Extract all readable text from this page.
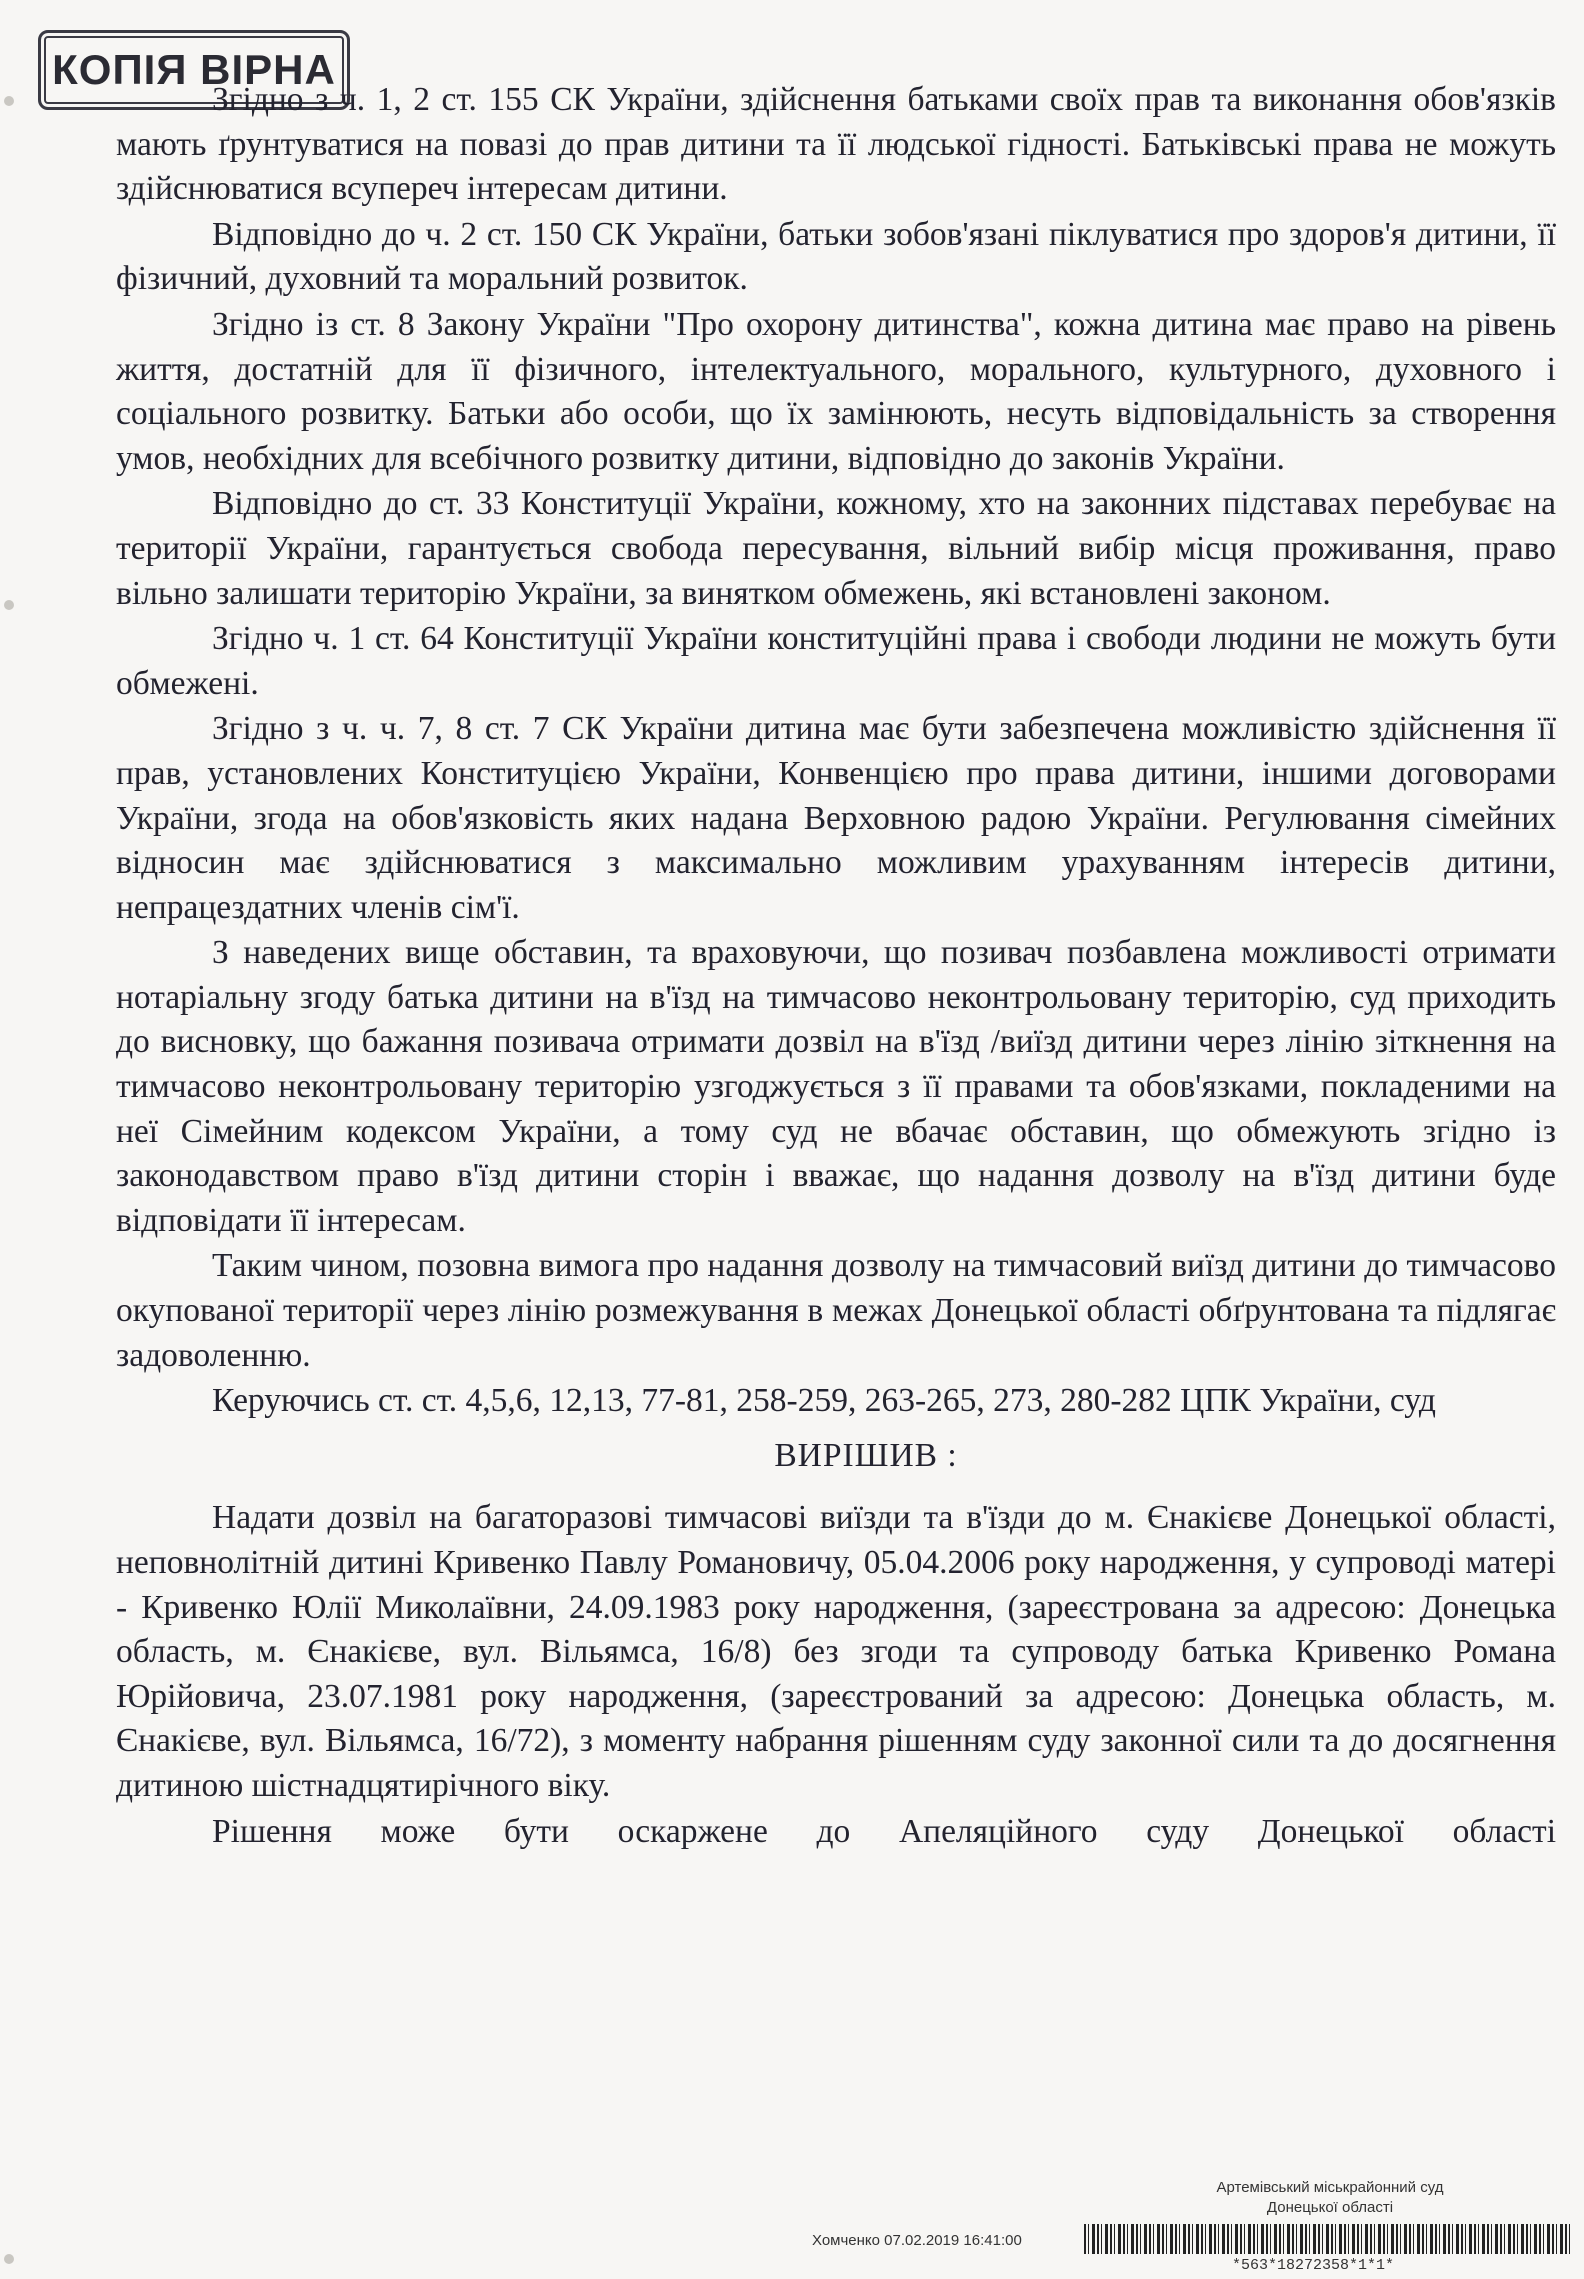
КОПІЯ ВІРНА

Згідно з ч. 1, 2 ст. 155 СК України, здійснення батьками своїх прав та виконання обов'язків мають ґрунтуватися на повазі до прав дитини та її людської гідності. Батьківські права не можуть здійснюватися всупереч інтересам дитини.

Відповідно до ч. 2 ст. 150 СК України, батьки зобов'язані піклуватися про здоров'я дитини, її фізичний, духовний та моральний розвиток.

Згідно із ст. 8 Закону України "Про охорону дитинства", кожна дитина має право на рівень життя, достатній для її фізичного, інтелектуального, морального, культурного, духовного і соціального розвитку. Батьки або особи, що їх замінюють, несуть відповідальність за створення умов, необхідних для всебічного розвитку дитини, відповідно до законів України.

Відповідно до ст. 33 Конституції України, кожному, хто на законних підставах перебуває на території України, гарантується свобода пересування, вільний вибір місця проживання, право вільно залишати територію України, за винятком обмежень, які встановлені законом.

Згідно ч. 1 ст. 64 Конституції України конституційні права і свободи людини не можуть бути обмежені.

Згідно з ч. ч. 7, 8 ст. 7 СК України дитина має бути забезпечена можливістю здійснення її прав, установлених Конституцією України, Конвенцією про права дитини, іншими договорами України, згода на обов'язковість яких надана Верховною радою України. Регулювання сімейних відносин має здійснюватися з максимально можливим урахуванням інтересів дитини, непрацездатних членів сім'ї.

З наведених вище обставин, та враховуючи, що позивач позбавлена можливості отримати нотаріальну згоду батька дитини на в'їзд на тимчасово неконтрольовану територію, суд приходить до висновку, що бажання позивача отримати дозвіл на в'їзд /виїзд дитини через лінію зіткнення на тимчасово неконтрольовану територію узгоджується з її правами та обов'язками, покладеними на неї Сімейним кодексом України, а тому суд не вбачає обставин, що обмежують згідно із законодавством право в'їзд дитини сторін і вважає, що надання дозволу на в'їзд дитини буде відповідати її інтересам.

Таким чином, позовна вимога про надання дозволу на тимчасовий виїзд дитини до тимчасово окупованої території через лінію розмежування в межах Донецької області обґрунтована та підлягає задоволенню.

Керуючись ст. ст. 4,5,6, 12,13, 77-81, 258-259, 263-265, 273, 280-282 ЦПК України, суд

ВИРІШИВ :

Надати дозвіл на багаторазові тимчасові виїзди та в'їзди до м. Єнакієве Донецької області, неповнолітній дитині Кривенко Павлу Романовичу, 05.04.2006 року народження, у супроводі матері - Кривенко Юлії Миколаївни, 24.09.1983 року народження, (зареєстрована за адресою: Донецька область, м. Єнакієве, вул. Вільямса, 16/8) без згоди та супроводу батька Кривенко Романа Юрійовича, 23.07.1981 року народження, (зареєстрований за адресою: Донецька область, м. Єнакієве, вул. Вільямса, 16/72), з моменту набрання рішенням суду законної сили та до досягнення дитиною шістнадцятирічного віку.

Рішення може бути оскаржене до Апеляційного суду Донецької області

Артемівський міськрайонний суд
Донецької області
Хомченко 07.02.2019 16:41:00
*563*18272358*1*1*
